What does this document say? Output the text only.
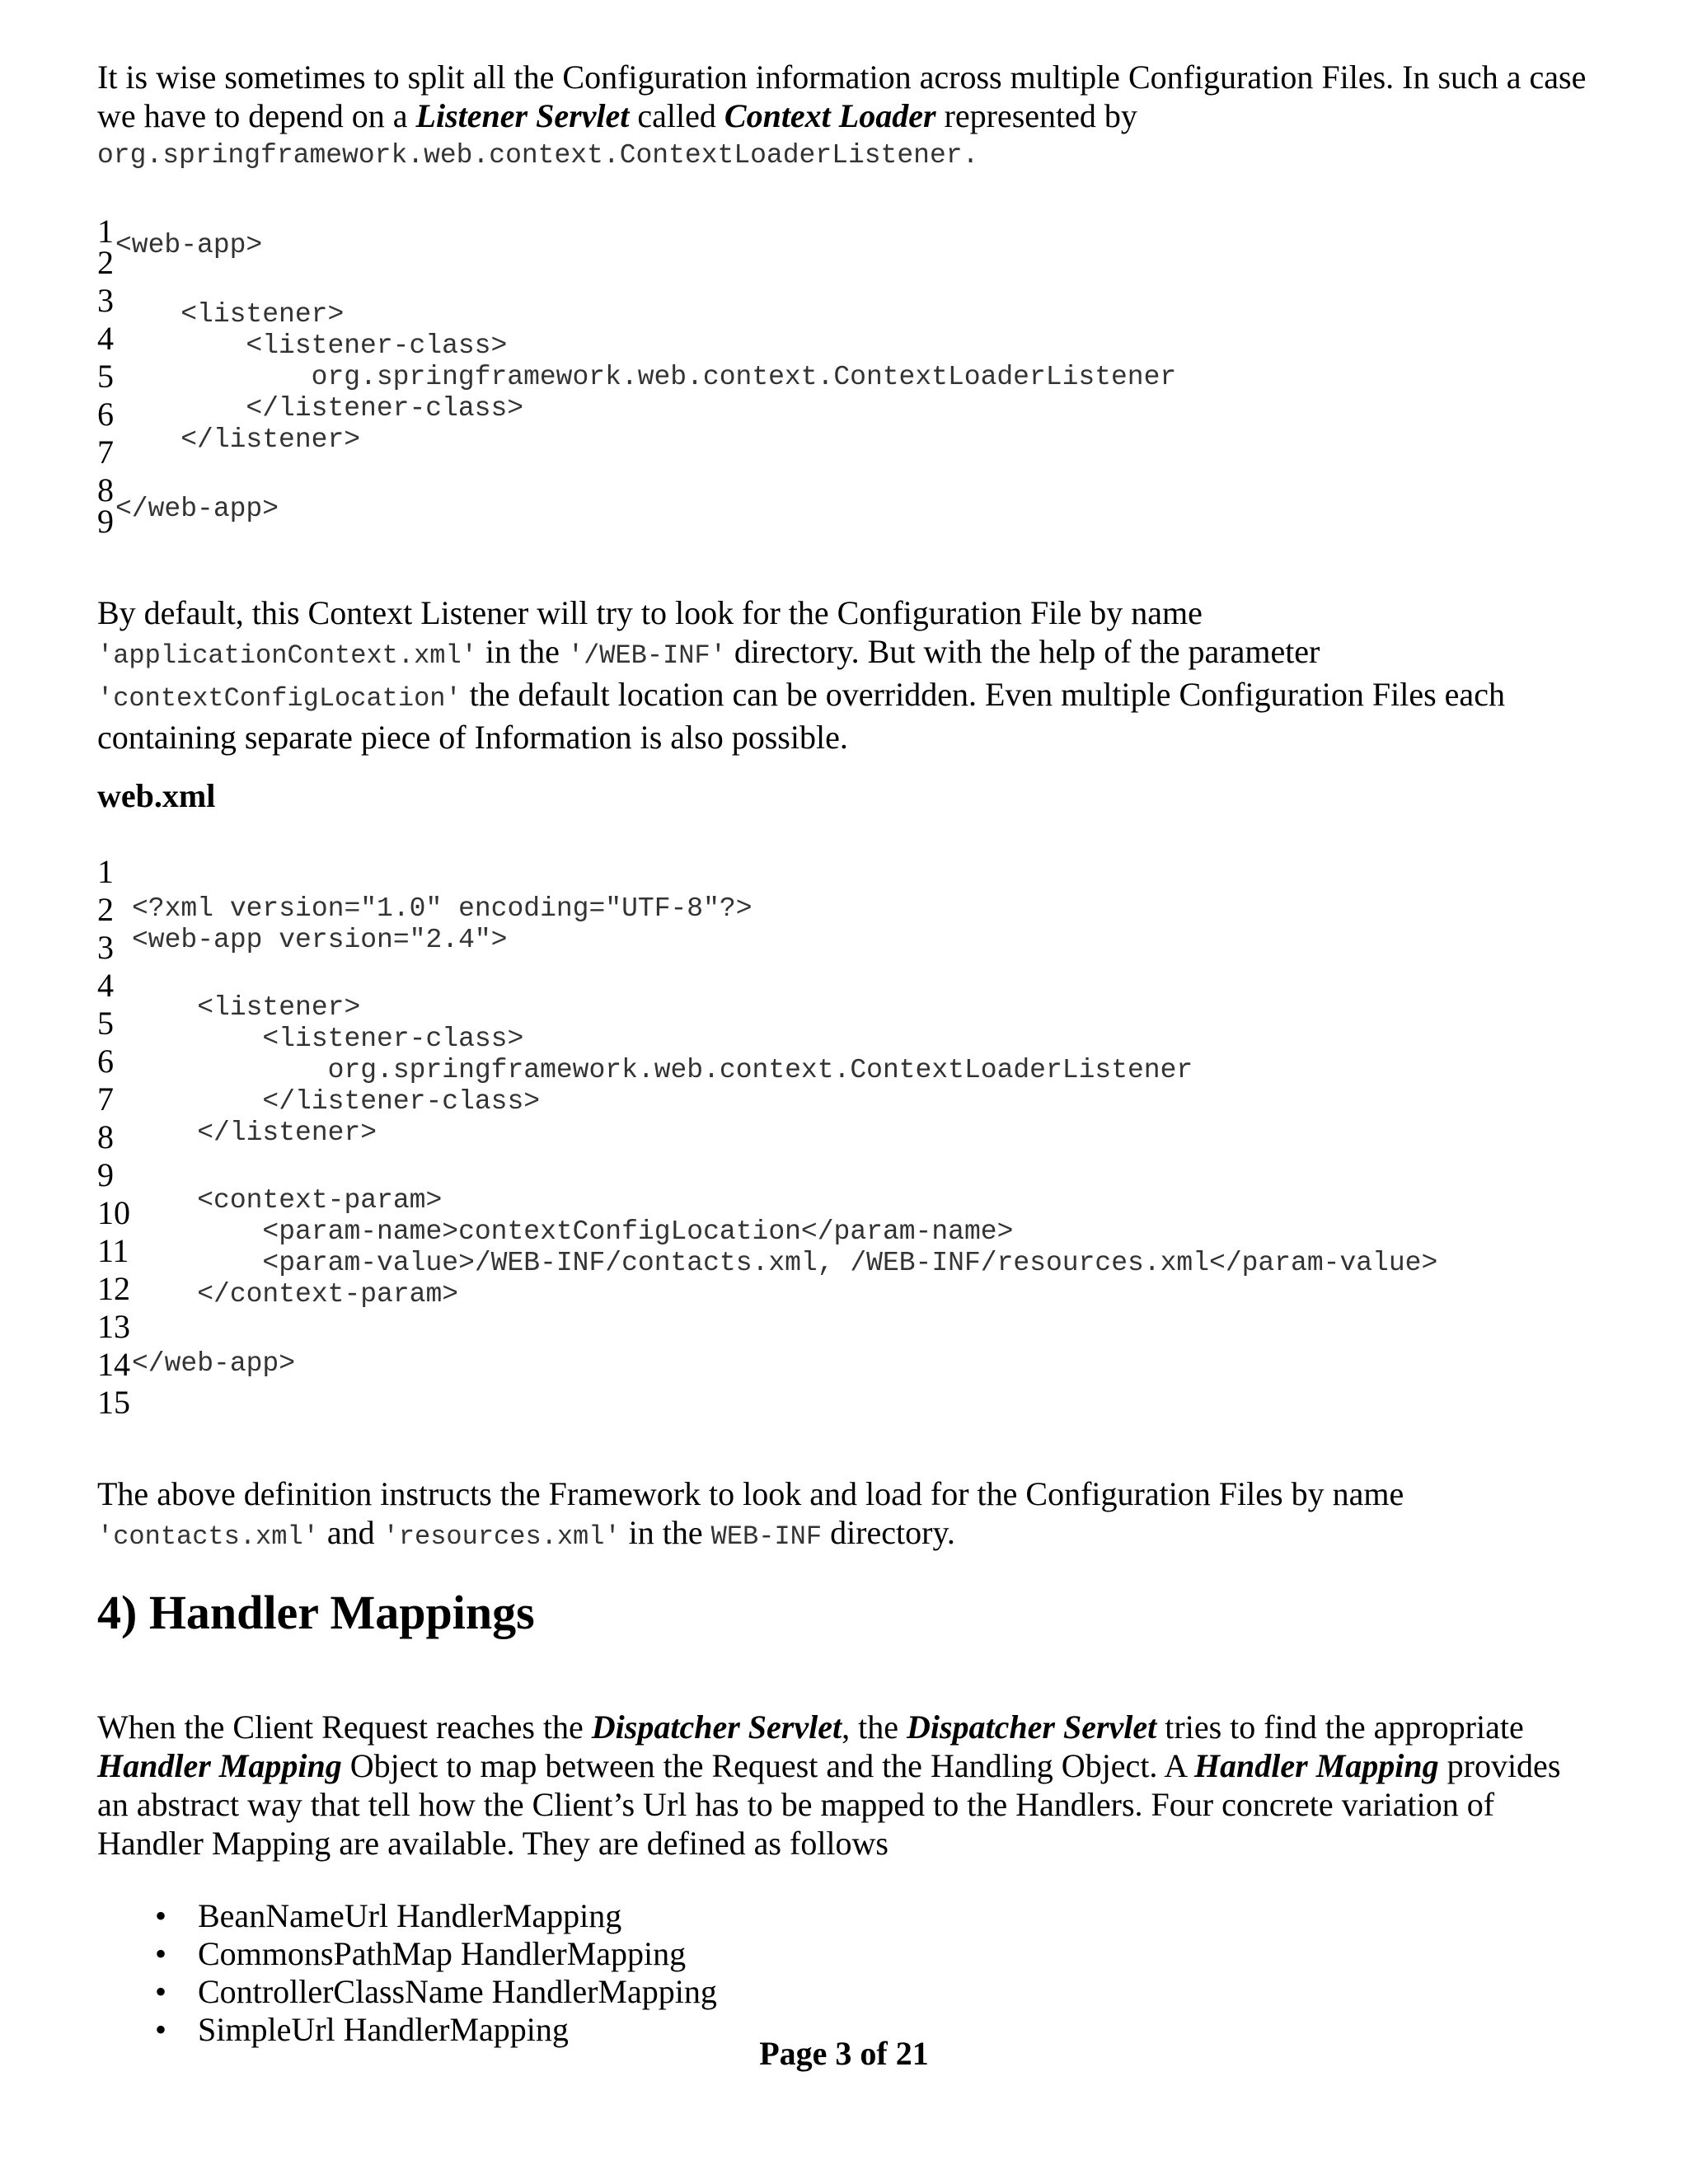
It is wise sometimes to split all the Configuration information across multiple Configuration Files. In such a case we have to depend on a Listener Servlet called Context Loader represented by

org.springframework.web.context.ContextLoaderListener.
1
2
3
4
5
6
7
8
9

<web-app>

<listener>

<listener-class>

org.springframework.web.context.ContextLoaderListener

</listener-class>

</listener>

</web-app>

By default, this Context Listener will try to look for the Configuration File by name
'applicationContext.xml' in the '/WEB-INF' directory. But with the help of the parameter
'contextConfigLocation' the default location can be overridden. Even multiple Configuration Files each containing separate piece of Information is also possible.

web.xml

1
2
3
4
5
6
7
8
9
10
11
12
13
14
15

<?xml version="1.0" encoding="UTF-8"?>

<web-app version="2.4">

<listener>

<listener-class>

org.springframework.web.context.ContextLoaderListener

</listener-class>

</listener>

<context-param>

<param-name>contextConfigLocation</param-name>

<param-value>/WEB-INF/contacts.xml, /WEB-INF/resources.xml</param-value>

</context-param>

</web-app>

The above definition instructs the Framework to look and load for the Configuration Files by name
'contacts.xml' and 'resources.xml' in the WEB-INF directory.
4) Handler Mappings

When the Client Request reaches the Dispatcher Servlet, the Dispatcher Servlet tries to find the appropriate Handler Mapping Object to map between the Request and the Handling Object. A Handler Mapping provides an abstract way that tell how the Client’s Url has to be mapped to the Handlers. Four concrete variation of Handler Mapping are available. They are defined as follows

• BeanNameUrl HandlerMapping
• CommonsPathMap HandlerMapping
• ControllerClassName HandlerMapping
• SimpleUrl HandlerMapping
Page 3 of 21
